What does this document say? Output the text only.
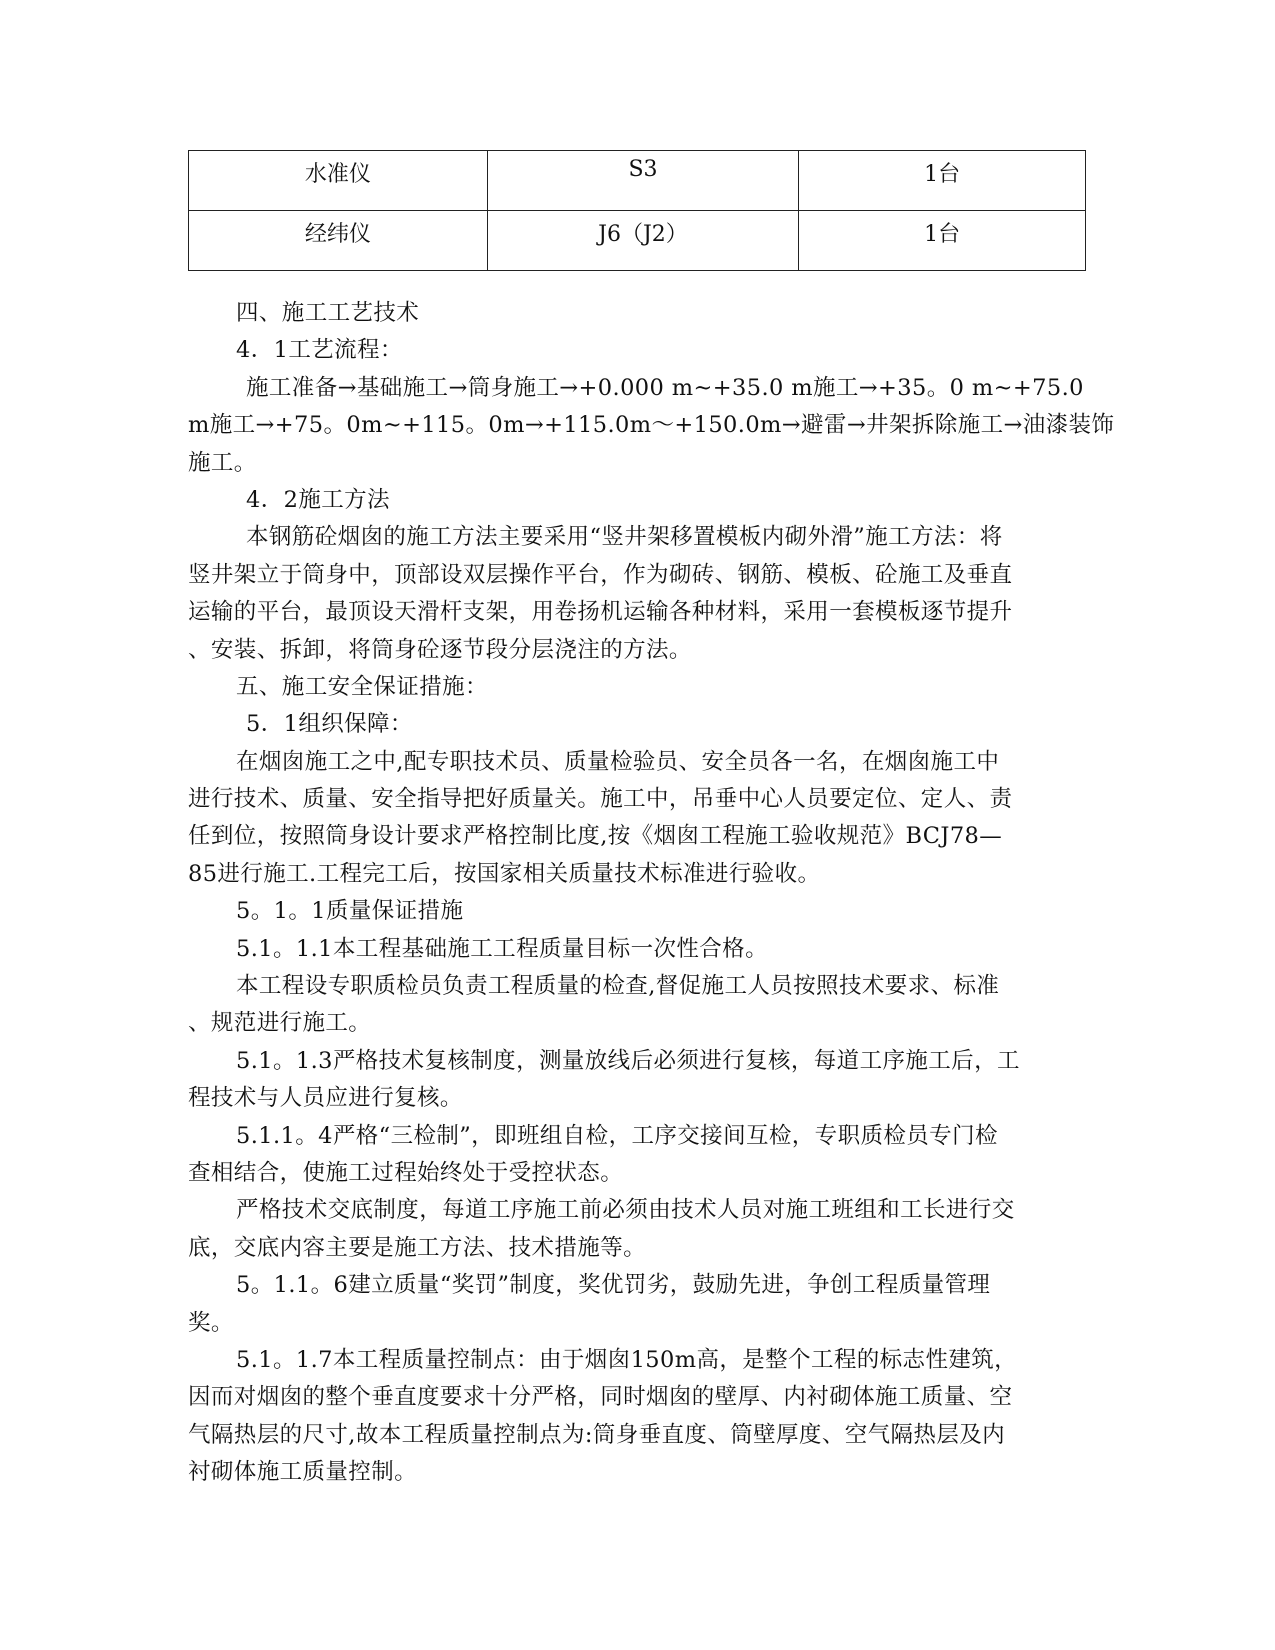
水准仪	S3	1台
经纬仪	J6（J2）	1台
四、施工工艺技术
4．1工艺流程：
施工准备→基础施工→筒身施工→+0.000 m~+35.0 m施工→+35。0 m~+75.0
m施工→+75。0m~+115。0m→+115.0m～+150.0m→避雷→井架拆除施工→油漆装饰
施工。
4．2施工方法
本钢筋砼烟囱的施工方法主要采用“竖井架移置模板内砌外滑”施工方法：将
竖井架立于筒身中，顶部设双层操作平台，作为砌砖、钢筋、模板、砼施工及垂直
运输的平台，最顶设天滑杆支架，用卷扬机运输各种材料，采用一套模板逐节提升
、安装、拆卸，将筒身砼逐节段分层浇注的方法。
五、施工安全保证措施：
5．1组织保障：
在烟囱施工之中,配专职技术员、质量检验员、安全员各一名，在烟囱施工中
进行技术、质量、安全指导把好质量关。施工中，吊垂中心人员要定位、定人、责
任到位，按照筒身设计要求严格控制比度,按《烟囱工程施工验收规范》BCJ78—
85进行施工.工程完工后，按国家相关质量技术标准进行验收。
5。1。1质量保证措施
5.1。1.1本工程基础施工工程质量目标一次性合格。
本工程设专职质检员负责工程质量的检查,督促施工人员按照技术要求、标准
、规范进行施工。
5.1。1.3严格技术复核制度，测量放线后必须进行复核，每道工序施工后，工
程技术与人员应进行复核。
5.1.1。4严格“三检制”，即班组自检，工序交接间互检，专职质检员专门检
查相结合，使施工过程始终处于受控状态。
严格技术交底制度，每道工序施工前必须由技术人员对施工班组和工长进行交
底，交底内容主要是施工方法、技术措施等。
5。1.1。6建立质量“奖罚”制度，奖优罚劣，鼓励先进，争创工程质量管理
奖。
5.1。1.7本工程质量控制点：由于烟囱150m高，是整个工程的标志性建筑，
因而对烟囱的整个垂直度要求十分严格，同时烟囱的壁厚、内衬砌体施工质量、空
气隔热层的尺寸,故本工程质量控制点为:筒身垂直度、筒壁厚度、空气隔热层及内
衬砌体施工质量控制。
